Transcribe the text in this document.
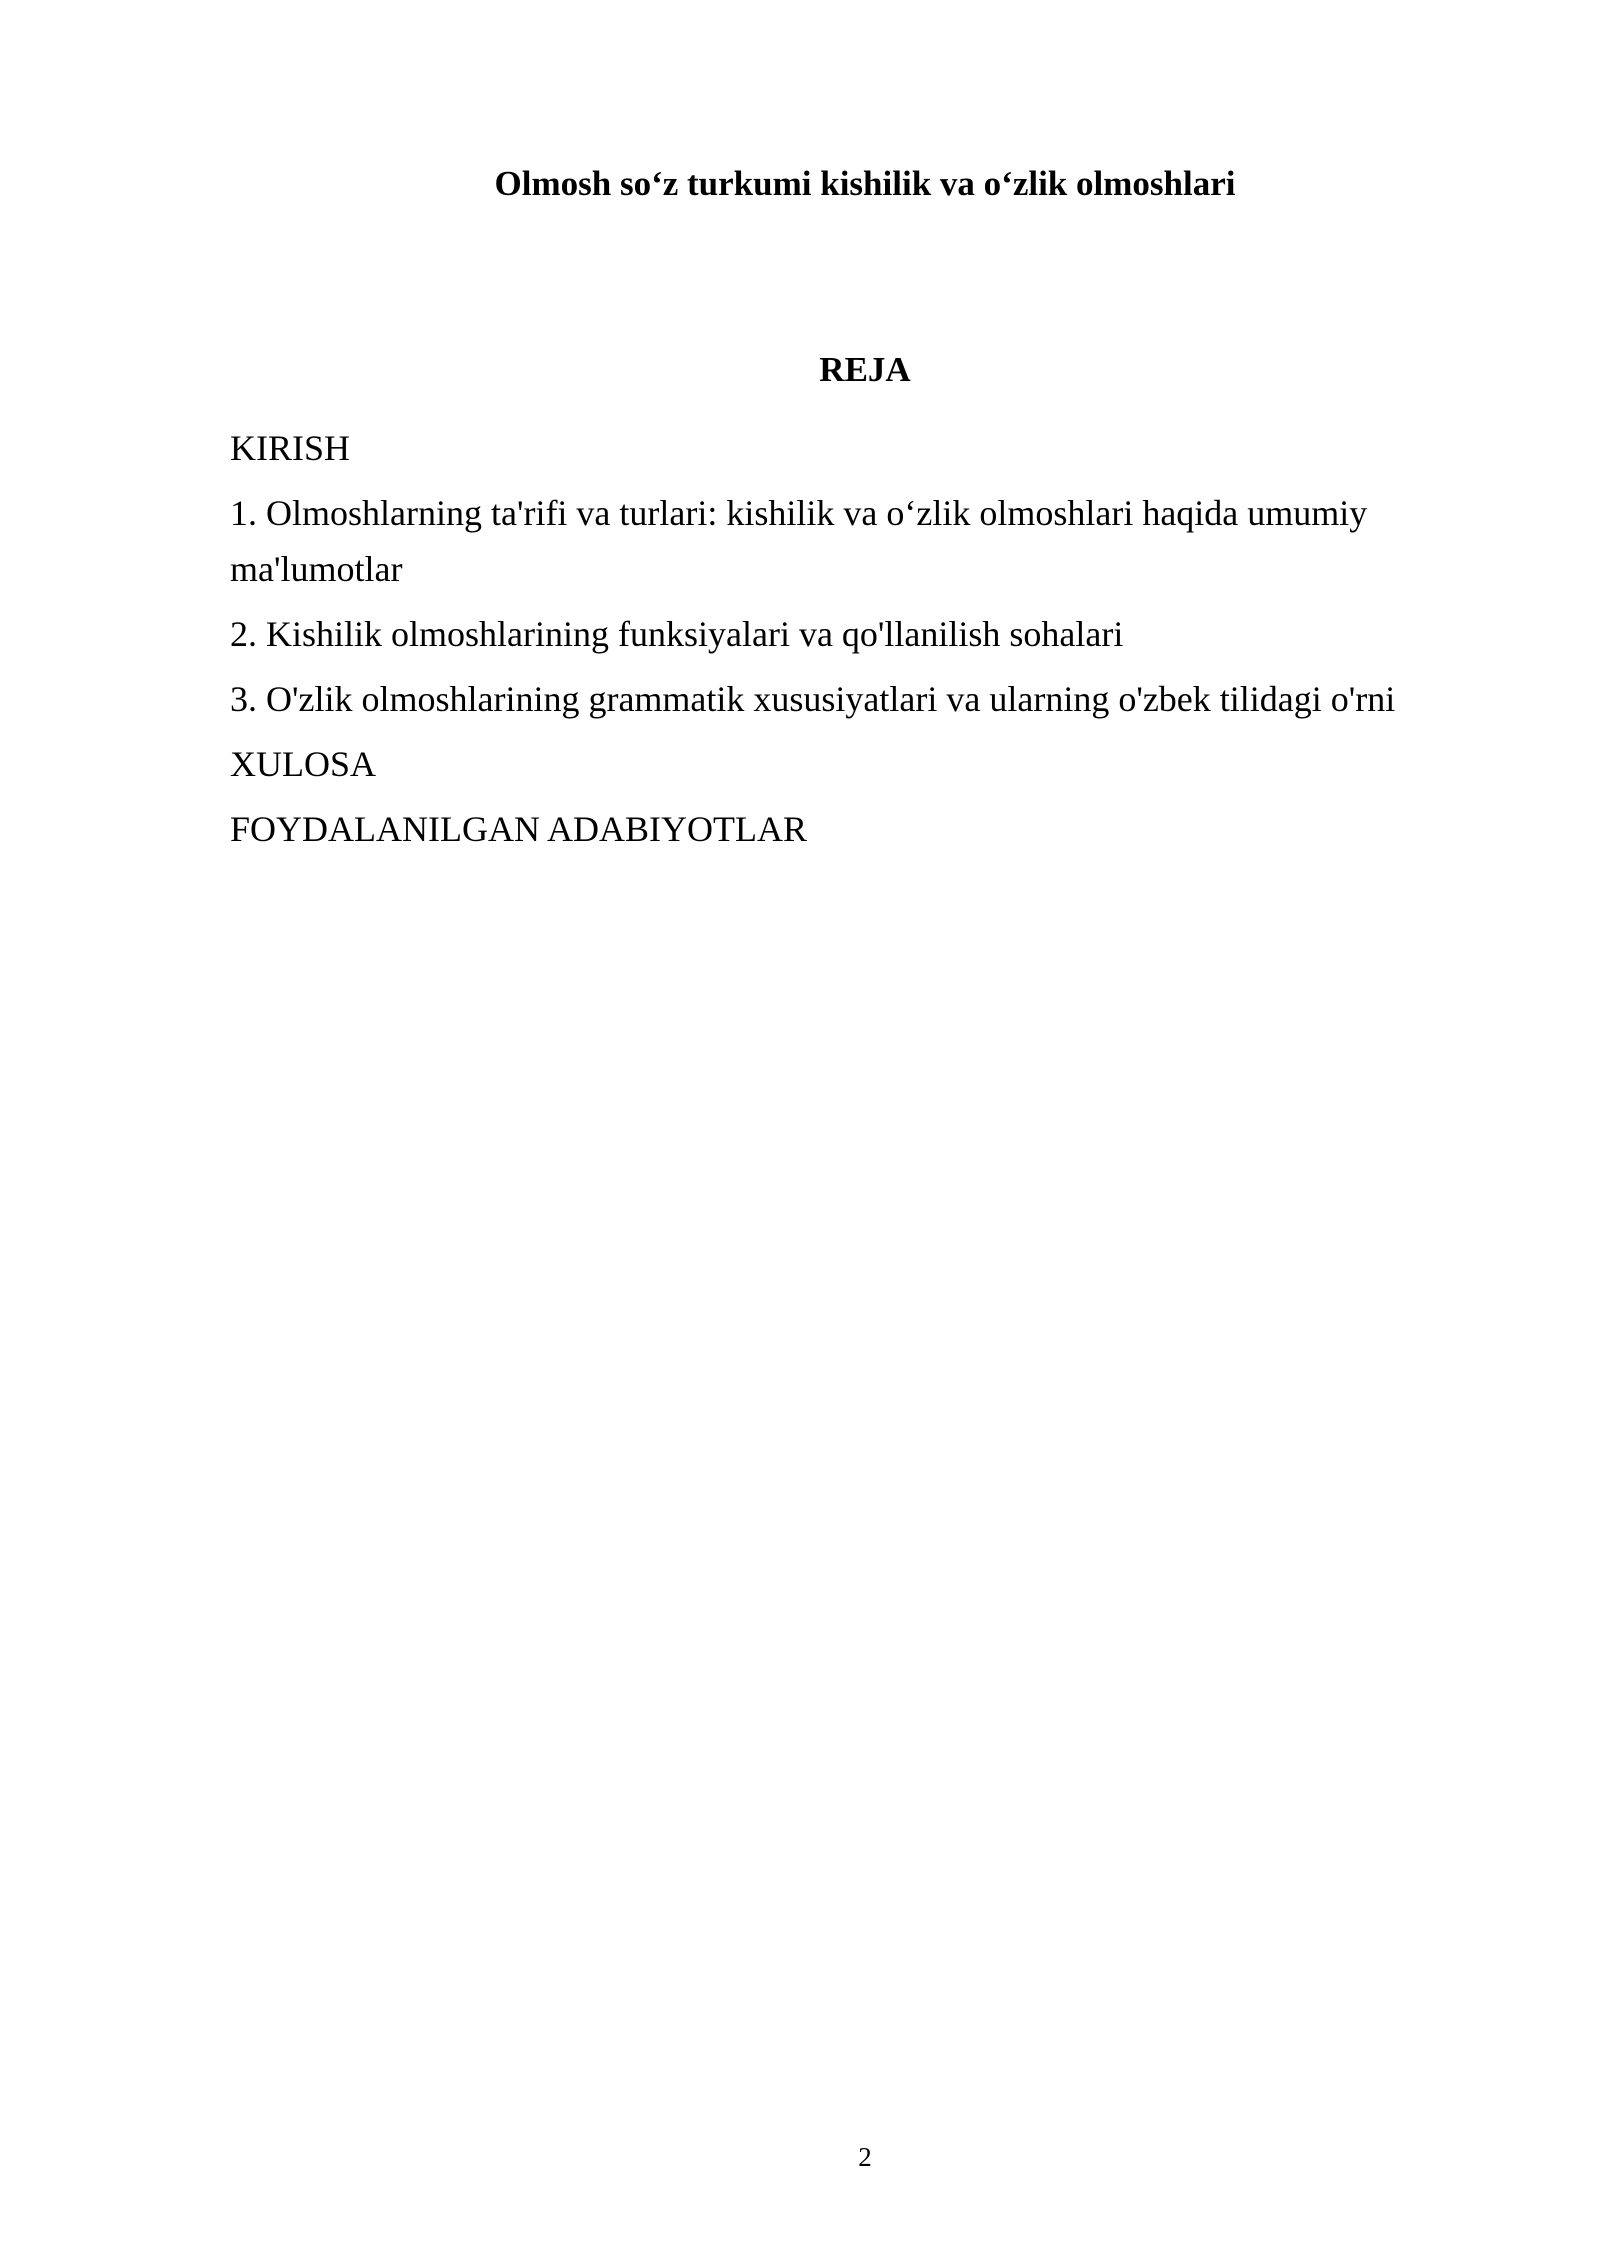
Olmosh so‘z turkumi kishilik va o‘zlik olmoshlari
REJA
KIRISH
1. Olmoshlarning ta'rifi va turlari: kishilik va o‘zlik olmoshlari haqida umumiy ma'lumotlar
2. Kishilik olmoshlarining funksiyalari va qo'llanilish sohalari
3. O'zlik olmoshlarining grammatik xususiyatlari va ularning o'zbek tilidagi o'rni
XULOSA
FOYDALANILGAN ADABIYOTLAR
2
